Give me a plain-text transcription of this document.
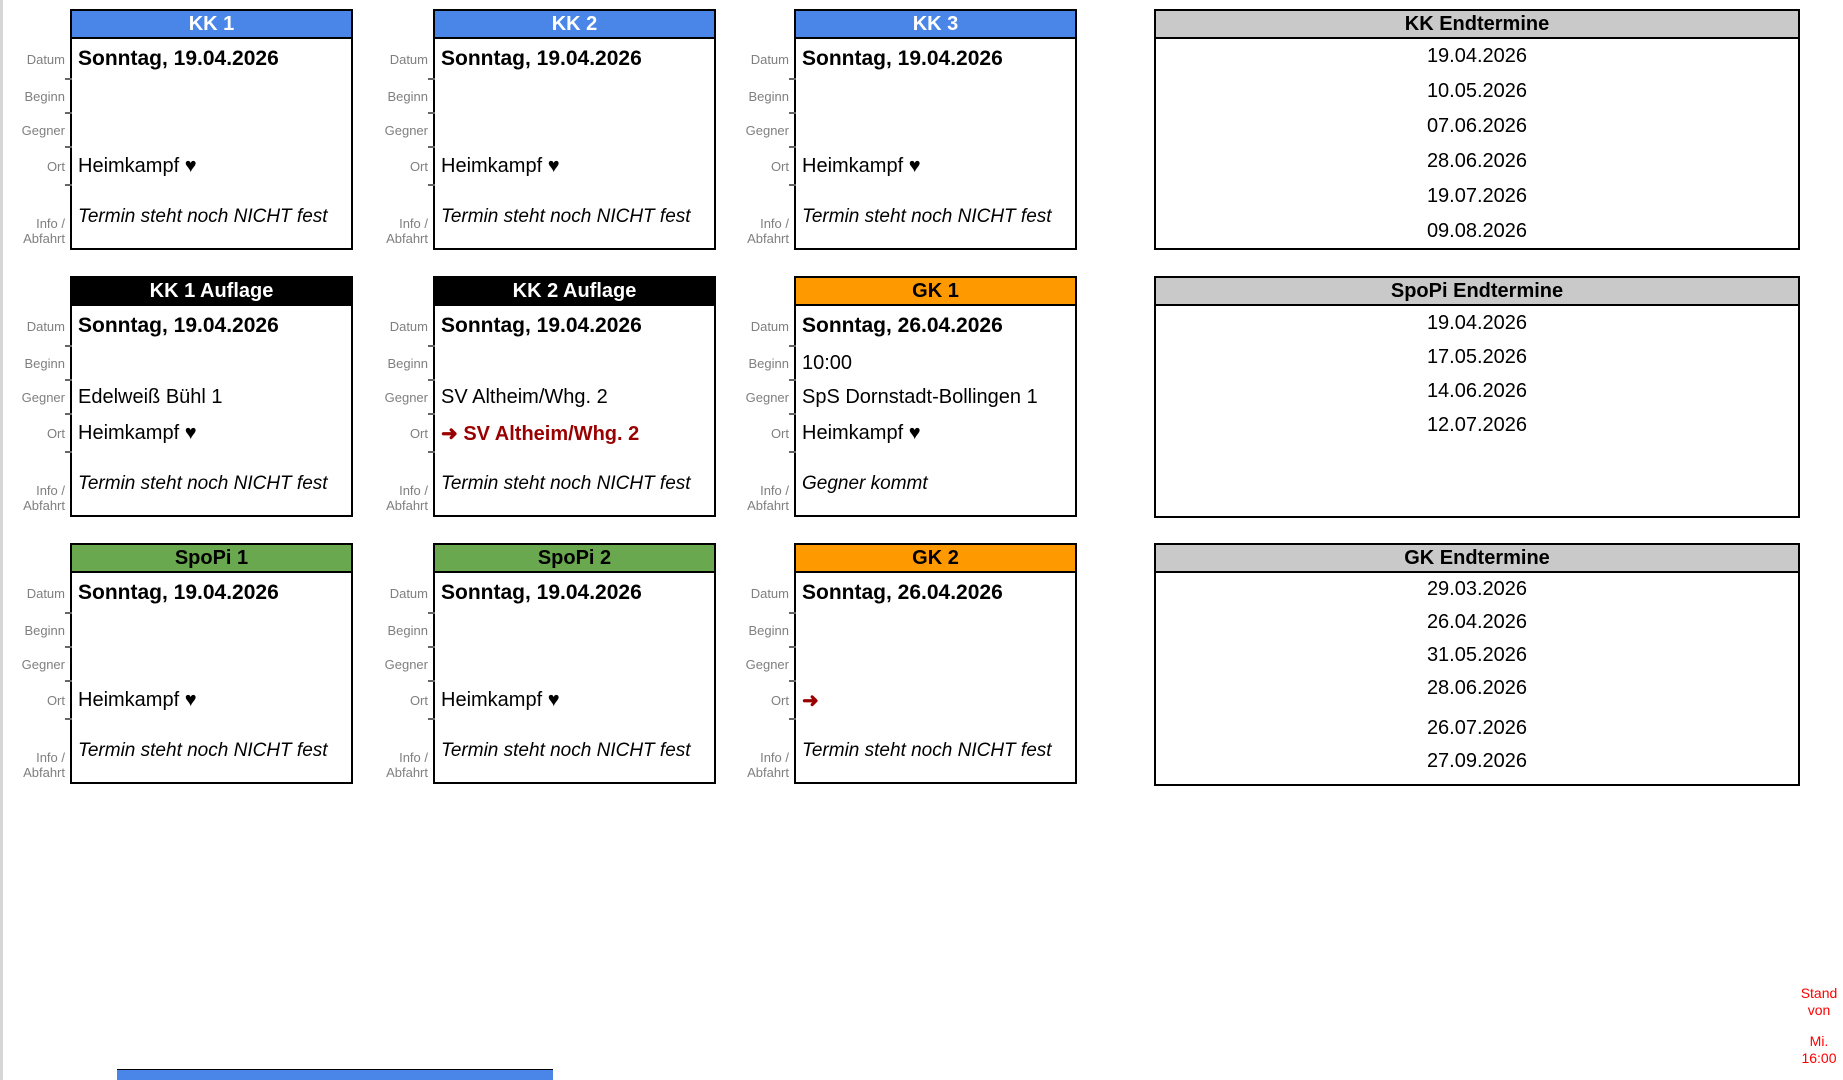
Datum
Beginn
Gegner
Ort
Info /
Abfahrt
KK 1
Sonntag, 19.04.2026
Heimkampf ♥
Termin steht noch NICHT fest
Datum
Beginn
Gegner
Ort
Info /
Abfahrt
KK 2
Sonntag, 19.04.2026
Heimkampf ♥
Termin steht noch NICHT fest
Datum
Beginn
Gegner
Ort
Info /
Abfahrt
KK 3
Sonntag, 19.04.2026
Heimkampf ♥
Termin steht noch NICHT fest
KK Endtermine
19.04.2026
10.05.2026
07.06.2026
28.06.2026
19.07.2026
09.08.2026
Datum
Beginn
Gegner
Ort
Info /
Abfahrt
KK 1 Auflage
Sonntag, 19.04.2026
Edelweiß Bühl 1
Heimkampf ♥
Termin steht noch NICHT fest
Datum
Beginn
Gegner
Ort
Info /
Abfahrt
KK 2 Auflage
Sonntag, 19.04.2026
SV Altheim/Whg. 2
➜ SV Altheim/Whg. 2
Termin steht noch NICHT fest
Datum
Beginn
Gegner
Ort
Info /
Abfahrt
GK 1
Sonntag, 26.04.2026
10:00
SpS Dornstadt-Bollingen 1
Heimkampf ♥
Gegner kommt
SpoPi Endtermine
19.04.2026
17.05.2026
14.06.2026
12.07.2026
Datum
Beginn
Gegner
Ort
Info /
Abfahrt
SpoPi 1
Sonntag, 19.04.2026
Heimkampf ♥
Termin steht noch NICHT fest
Datum
Beginn
Gegner
Ort
Info /
Abfahrt
SpoPi 2
Sonntag, 19.04.2026
Heimkampf ♥
Termin steht noch NICHT fest
Datum
Beginn
Gegner
Ort
Info /
Abfahrt
GK 2
Sonntag, 26.04.2026
➜
Termin steht noch NICHT fest
GK Endtermine
29.03.2026
26.04.2026
31.05.2026
28.06.2026
26.07.2026
27.09.2026
Stand von
Mi. 16:00
